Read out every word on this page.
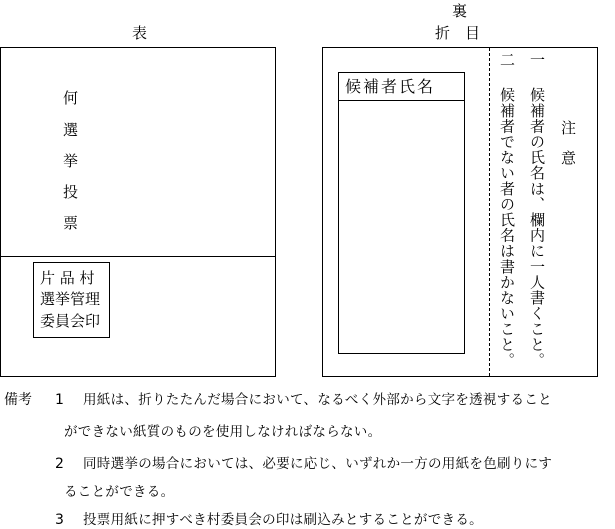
表
何
選
挙
投
票
片 品 村
選挙管理
委員会印
裏
折　目
候補者氏名
注　意
一
候補者の氏名は、欄内に一人書くこと。
二
候補者でない者の氏名は書かないこと。
備考 1 用紙は、折りたたんだ場合において、なるべく外部から文字を透視すること
ができない紙質のものを使用しなければならない。
2 同時選挙の場合においては、必要に応じ、いずれか一方の用紙を色刷りにす
ることができる。
3 投票用紙に押すべき村委員会の印は刷込みとすることができる。
